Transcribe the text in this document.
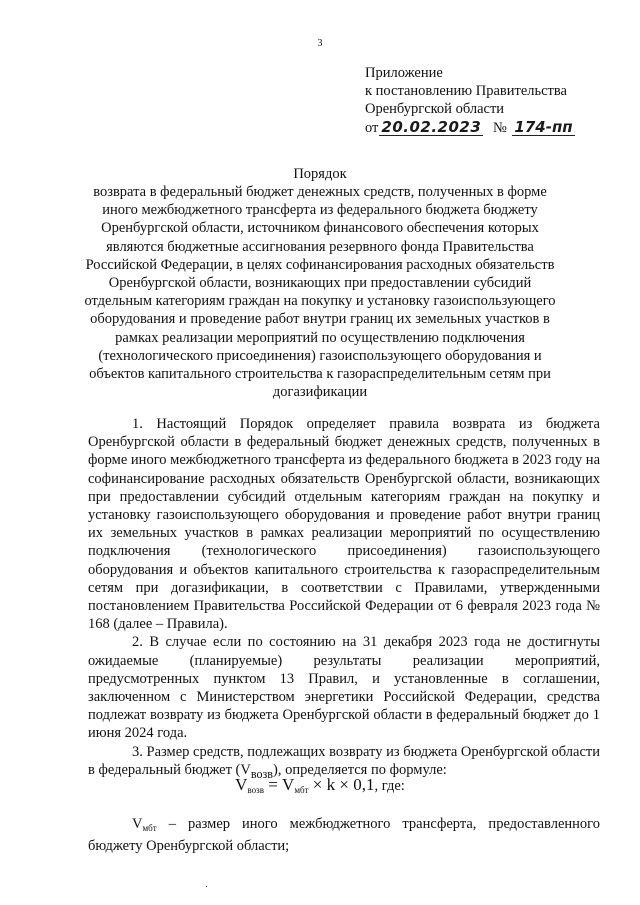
3
Приложение
к постановлению Правительства
Оренбургской области
от 20.02.2023 № 174-пп
Порядок
возврата в федеральный бюджет денежных средств, полученных в форме иного межбюджетного трансферта из федерального бюджета бюджету Оренбургской области, источником финансового обеспечения которых являются бюджетные ассигнования резервного фонда Правительства Российской Федерации, в целях софинансирования расходных обязательств Оренбургской области, возникающих при предоставлении субсидий отдельным категориям граждан на покупку и установку газоиспользующего оборудования и проведение работ внутри границ их земельных участков в рамках реализации мероприятий по осуществлению подключения (технологического присоединения) газоиспользующего оборудования и объектов капитального строительства к газораспределительным сетям при догазификации

1. Настоящий Порядок определяет правила возврата из бюджета Оренбургской области в федеральный бюджет денежных средств, полученных в форме иного межбюджетного трансферта из федерального бюджета в 2023 году на софинансирование расходных обязательств Оренбургской области, возникающих при предоставлении субсидий отдельным категориям граждан на покупку и установку газоиспользующего оборудования и проведение работ внутри границ их земельных участков в рамках реализации мероприятий по осуществлению подключения (технологического присоединения) газоиспользующего оборудования и объектов капитального строительства к газораспределительным сетям при догазификации, в соответствии с Правилами, утвержденными постановлением Правительства Российской Федерации от 6 февраля 2023 года № 168 (далее – Правила).

2. В случае если по состоянию на 31 декабря 2023 года не достигнуты ожидаемые (планируемые) результаты реализации мероприятий, предусмотренных пунктом 13 Правил, и установленные в соглашении, заключенном с Министерством энергетики Российской Федерации, средства подлежат возврату из бюджета Оренбургской области в федеральный бюджет до 1 июня 2024 года.

3. Размер средств, подлежащих возврату из бюджета Оренбургской области в федеральный бюджет $(V_{возв})$, определяется по формуле:

$V_{возв} = V_{мбт} \times k \times 0,1$, где:

$V_{мбт}$ – размер иного межбюджетного трансферта, предоставленного бюджету Оренбургской области;
